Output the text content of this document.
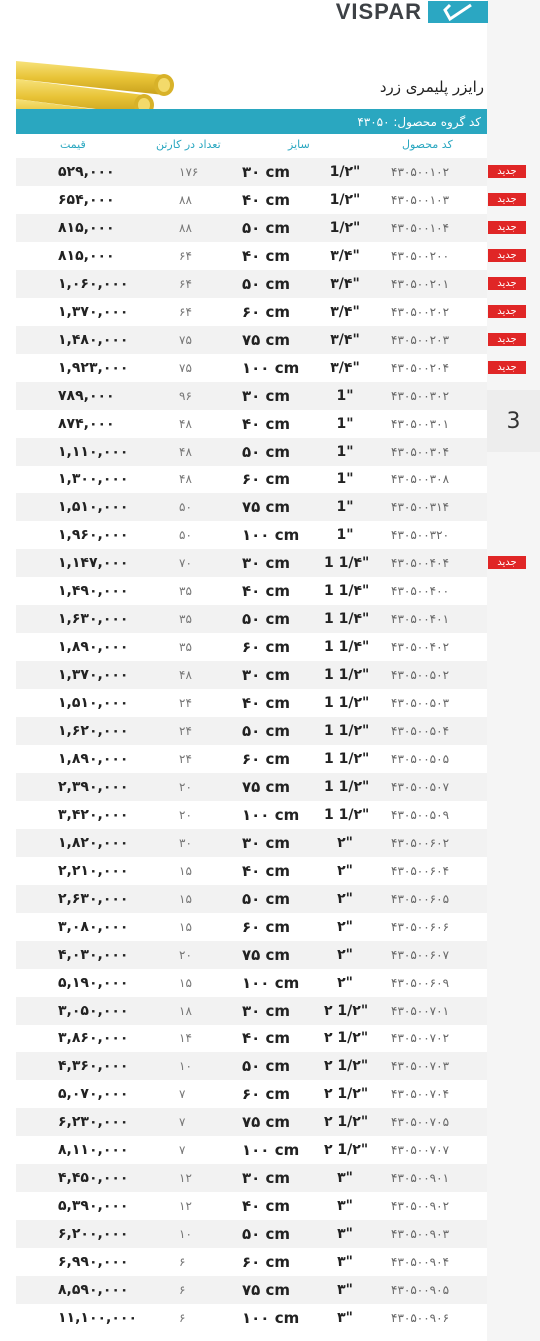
3
VISPAR
رایزر پلیمری زرد
کد گروه محصول: ۴۳۰۵۰
قیمت	تعداد در کارتن	سایز	کد محصول
۵۲۹,۰۰۰	۱۷۶	۳۰ cm	1/۲"	۴۳۰۵۰۰۱۰۲	جدید
۶۵۴,۰۰۰	۸۸	۴۰ cm	1/۲"	۴۳۰۵۰۰۱۰۳	جدید
۸۱۵,۰۰۰	۸۸	۵۰ cm	1/۲"	۴۳۰۵۰۰۱۰۴	جدید
۸۱۵,۰۰۰	۶۴	۴۰ cm	۳/۴"	۴۳۰۵۰۰۲۰۰	جدید
۱,۰۶۰,۰۰۰	۶۴	۵۰ cm	۳/۴"	۴۳۰۵۰۰۲۰۱	جدید
۱,۳۷۰,۰۰۰	۶۴	۶۰ cm	۳/۴"	۴۳۰۵۰۰۲۰۲	جدید
۱,۴۸۰,۰۰۰	۷۵	۷۵ cm	۳/۴"	۴۳۰۵۰۰۲۰۳	جدید
۱,۹۲۳,۰۰۰	۷۵	۱۰۰ cm	۳/۴"	۴۳۰۵۰۰۲۰۴	جدید
۷۸۹,۰۰۰	۹۶	۳۰ cm	1"	۴۳۰۵۰۰۳۰۲
۸۷۴,۰۰۰	۴۸	۴۰ cm	1"	۴۳۰۵۰۰۳۰۱
۱,۱۱۰,۰۰۰	۴۸	۵۰ cm	1"	۴۳۰۵۰۰۳۰۴
۱,۳۰۰,۰۰۰	۴۸	۶۰ cm	1"	۴۳۰۵۰۰۳۰۸
۱,۵۱۰,۰۰۰	۵۰	۷۵ cm	1"	۴۳۰۵۰۰۳۱۴
۱,۹۶۰,۰۰۰	۵۰	۱۰۰ cm	1"	۴۳۰۵۰۰۳۲۰
۱,۱۴۷,۰۰۰	۷۰	۳۰ cm 1 1/۴" ۴۳۰۵۰۰۴۰۴	جدید
۱,۴۹۰,۰۰۰	۳۵	۴۰ cm 1 1/۴" ۴۳۰۵۰۰۴۰۰
۱,۶۳۰,۰۰۰	۳۵	۵۰ cm 1 1/۴" ۴۳۰۵۰۰۴۰۱
۱,۸۹۰,۰۰۰	۳۵	۶۰ cm 1 1/۴" ۴۳۰۵۰۰۴۰۲
۱,۳۷۰,۰۰۰	۴۸	۳۰ cm 1 1/۲" ۴۳۰۵۰۰۵۰۲
۱,۵۱۰,۰۰۰	۲۴	۴۰ cm 1 1/۲" ۴۳۰۵۰۰۵۰۳
۱,۶۲۰,۰۰۰	۲۴	۵۰ cm 1 1/۲" ۴۳۰۵۰۰۵۰۴
۱,۸۹۰,۰۰۰	۲۴	۶۰ cm 1 1/۲" ۴۳۰۵۰۰۵۰۵
۲,۳۹۰,۰۰۰	۲۰	۷۵ cm 1 1/۲" ۴۳۰۵۰۰۵۰۷
۳,۴۲۰,۰۰۰	۲۰	۱۰۰ cm 1 1/۲" ۴۳۰۵۰۰۵۰۹
۱,۸۲۰,۰۰۰	۳۰	۳۰ cm	۲"	۴۳۰۵۰۰۶۰۲
۲,۲۱۰,۰۰۰	۱۵	۴۰ cm	۲"	۴۳۰۵۰۰۶۰۴
۲,۶۳۰,۰۰۰	۱۵	۵۰ cm	۲"	۴۳۰۵۰۰۶۰۵
۳,۰۸۰,۰۰۰	۱۵	۶۰ cm	۲"	۴۳۰۵۰۰۶۰۶
۴,۰۳۰,۰۰۰	۲۰	۷۵ cm	۲"	۴۳۰۵۰۰۶۰۷
۵,۱۹۰,۰۰۰	۱۵	۱۰۰ cm	۲"	۴۳۰۵۰۰۶۰۹
۳,۰۵۰,۰۰۰	۱۸	۳۰ cm ۲ 1/۲" ۴۳۰۵۰۰۷۰۱
۳,۸۶۰,۰۰۰	۱۴	۴۰ cm ۲ 1/۲" ۴۳۰۵۰۰۷۰۲
۴,۳۶۰,۰۰۰	۱۰	۵۰ cm ۲ 1/۲" ۴۳۰۵۰۰۷۰۳
۵,۰۷۰,۰۰۰	۷	۶۰ cm ۲ 1/۲" ۴۳۰۵۰۰۷۰۴
۶,۲۳۰,۰۰۰	۷	۷۵ cm ۲ 1/۲" ۴۳۰۵۰۰۷۰۵
۸,۱۱۰,۰۰۰	۷	۱۰۰ cm ۲ 1/۲" ۴۳۰۵۰۰۷۰۷
۴,۴۵۰,۰۰۰	۱۲	۳۰ cm	۳"	۴۳۰۵۰۰۹۰۱
۵,۳۹۰,۰۰۰	۱۲	۴۰ cm	۳"	۴۳۰۵۰۰۹۰۲
۶,۲۰۰,۰۰۰	۱۰	۵۰ cm	۳"	۴۳۰۵۰۰۹۰۳
۶,۹۹۰,۰۰۰	۶	۶۰ cm	۳"	۴۳۰۵۰۰۹۰۴
۸,۵۹۰,۰۰۰	۶	۷۵ cm	۳"	۴۳۰۵۰۰۹۰۵
۱۱,۱۰۰,۰۰۰	۶	۱۰۰ cm	۳"	۴۳۰۵۰۰۹۰۶
